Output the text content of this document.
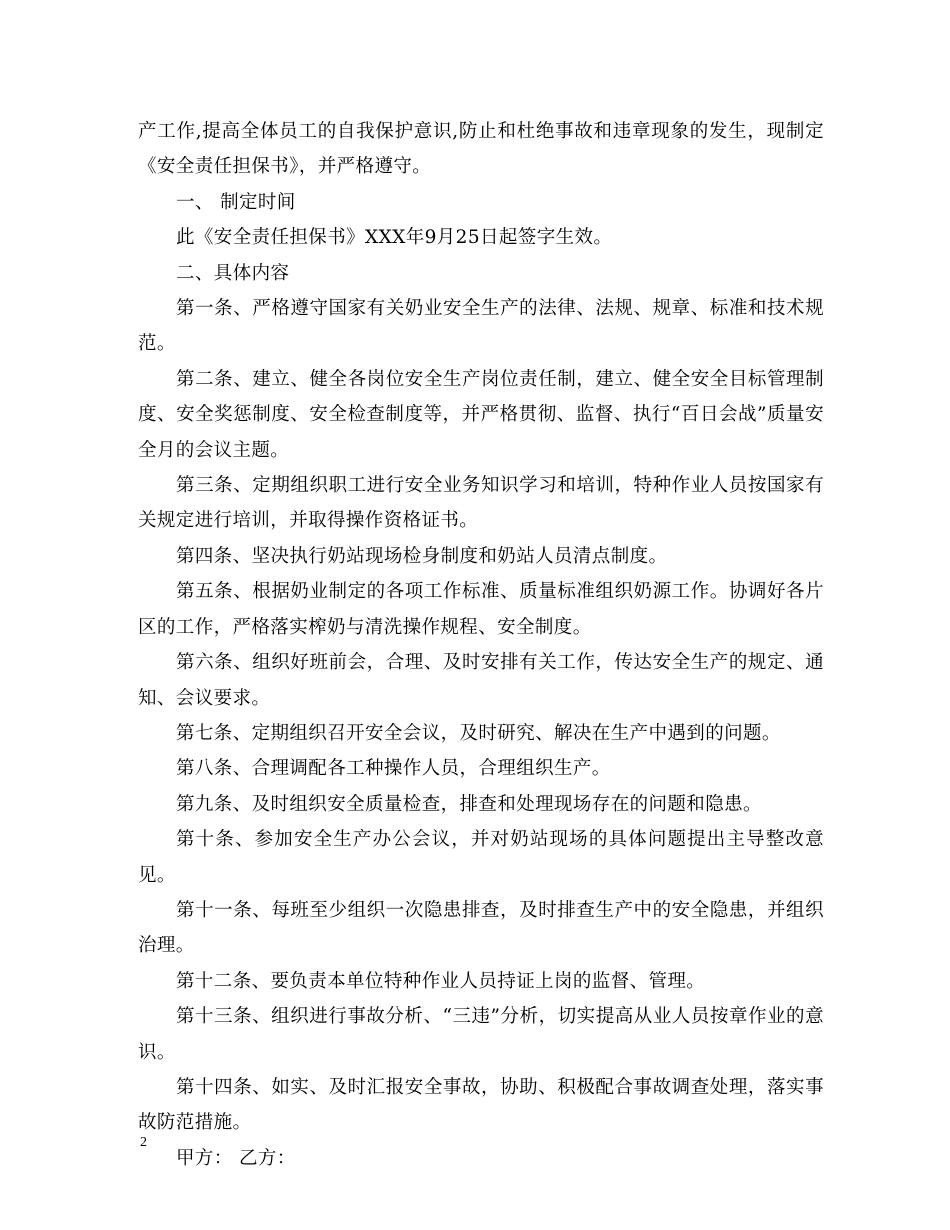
产工作,提高全体员工的自我保护意识,防止和杜绝事故和违章现象的发生，现制定《安全责任担保书》，并严格遵守。

一、 制定时间

此《安全责任担保书》XXX年9月25日起签字生效。

二、具体内容

第一条、严格遵守国家有关奶业安全生产的法律、法规、规章、标准和技术规范。

第二条、建立、健全各岗位安全生产岗位责任制，建立、健全安全目标管理制度、安全奖惩制度、安全检查制度等，并严格贯彻、监督、执行“百日会战”质量安全月的会议主题。

第三条、定期组织职工进行安全业务知识学习和培训，特种作业人员按国家有关规定进行培训，并取得操作资格证书。

第四条、坚决执行奶站现场检身制度和奶站人员清点制度。

第五条、根据奶业制定的各项工作标准、质量标准组织奶源工作。协调好各片区的工作，严格落实榨奶与清洗操作规程、安全制度。

第六条、组织好班前会，合理、及时安排有关工作，传达安全生产的规定、通知、会议要求。

第七条、定期组织召开安全会议，及时研究、解决在生产中遇到的问题。

第八条、合理调配各工种操作人员，合理组织生产。

第九条、及时组织安全质量检查，排查和处理现场存在的问题和隐患。

第十条、参加安全生产办公会议，并对奶站现场的具体问题提出主导整改意见。

第十一条、每班至少组织一次隐患排查，及时排查生产中的安全隐患，并组织治理。

第十二条、要负责本单位特种作业人员持证上岗的监督、管理。

第十三条、组织进行事故分析、“三违”分析，切实提高从业人员按章作业的意识。

第十四条、如实、及时汇报安全事故，协助、积极配合事故调查处理，落实事故防范措施。

甲方： 乙方：

2
